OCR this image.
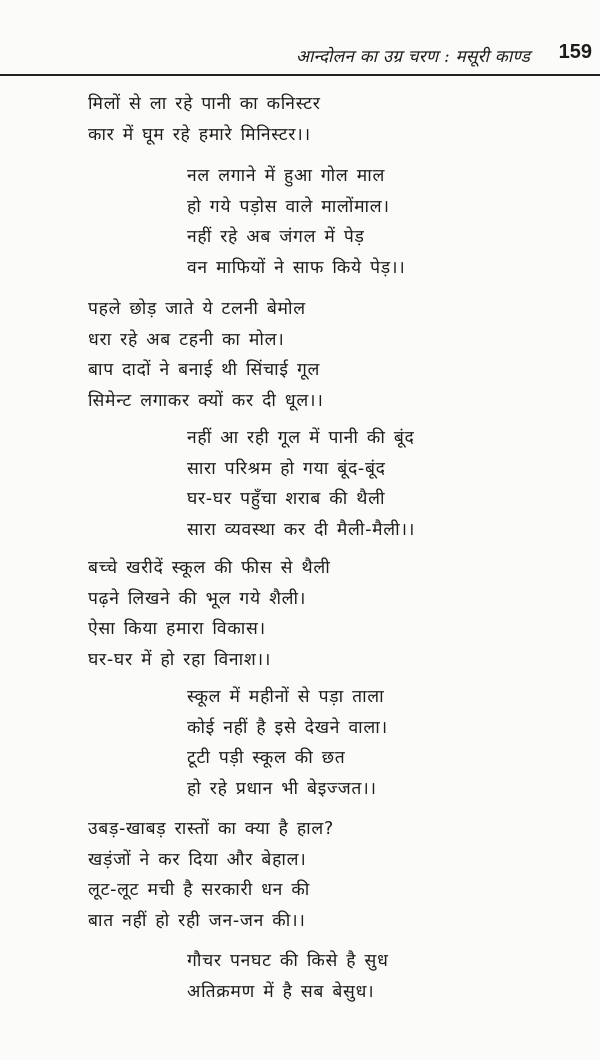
आन्दोलन का उग्र चरण : मसूरी काण्ड 159
मिलों से ला रहे पानी का कनिस्टर
कार में घूम रहे हमारे मिनिस्टर।।
नल लगाने में हुआ गोल माल
हो गये पड़ोस वाले मालोंमाल।
नहीं रहे अब जंगल में पेड़
वन माफियों ने साफ किये पेड़।।
पहले छोड़ जाते ये टलनी बेमोल
धरा रहे अब टहनी का मोल।
बाप दादों ने बनाई थी सिंचाई गूल
सिमेन्ट लगाकर क्यों कर दी धूल।।
नहीं आ रही गूल में पानी की बूंद
सारा परिश्रम हो गया बूंद-बूंद
घर-घर पहुँचा शराब की थैली
सारा व्यवस्था कर दी मैली-मैली।।
बच्चे खरीदें स्कूल की फीस से थैली
पढ़ने लिखने की भूल गये शैली।
ऐसा किया हमारा विकास।
घर-घर में हो रहा विनाश।।
स्कूल में महीनों से पड़ा ताला
कोई नहीं है इसे देखने वाला।
टूटी पड़ी स्कूल की छत
हो रहे प्रधान भी बेइज्जत।।
उबड़-खाबड़ रास्तों का क्या है हाल?
खड़ंजों ने कर दिया और बेहाल।
लूट-लूट मची है सरकारी धन की
बात नहीं हो रही जन-जन की।।
गौचर पनघट की किसे है सुध
अतिक्रमण में है सब बेसुध।
